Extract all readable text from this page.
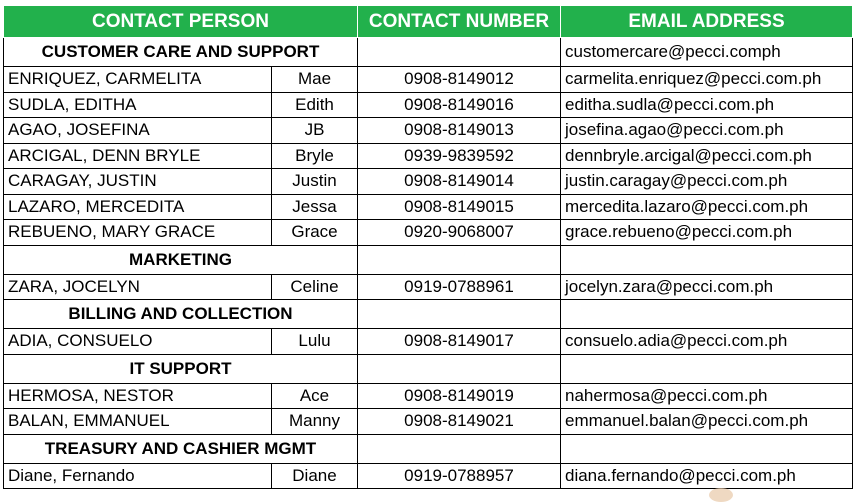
CONTACT PERSON		CONTACT NUMBER	EMAIL ADDRESS
CUSTOMER CARE AND SUPPORT			customercare@pecci.comph
ENRIQUEZ, CARMELITA	Mae	0908-8149012	carmelita.enriquez@pecci.com.ph
SUDLA, EDITHA	Edith	0908-8149016	editha.sudla@pecci.com.ph
AGAO, JOSEFINA	JB	0908-8149013	josefina.agao@pecci.com.ph
ARCIGAL, DENN BRYLE	Bryle	0939-9839592	dennbryle.arcigal@pecci.com.ph
CARAGAY, JUSTIN	Justin	0908-8149014	justin.caragay@pecci.com.ph
LAZARO, MERCEDITA	Jessa	0908-8149015	mercedita.lazaro@pecci.com.ph
REBUENO, MARY GRACE	Grace	0920-9068007	grace.rebueno@pecci.com.ph
MARKETING			
ZARA, JOCELYN	Celine	0919-0788961	jocelyn.zara@pecci.com.ph
BILLING AND COLLECTION			
ADIA, CONSUELO	Lulu	0908-8149017	consuelo.adia@pecci.com.ph
IT SUPPORT			
HERMOSA, NESTOR	Ace	0908-8149019	nahermosa@pecci.com.ph
BALAN, EMMANUEL	Manny	0908-8149021	emmanuel.balan@pecci.com.ph
TREASURY AND CASHIER MGMT			
Diane, Fernando	Diane	0919-0788957	diana.fernando@pecci.com.ph
